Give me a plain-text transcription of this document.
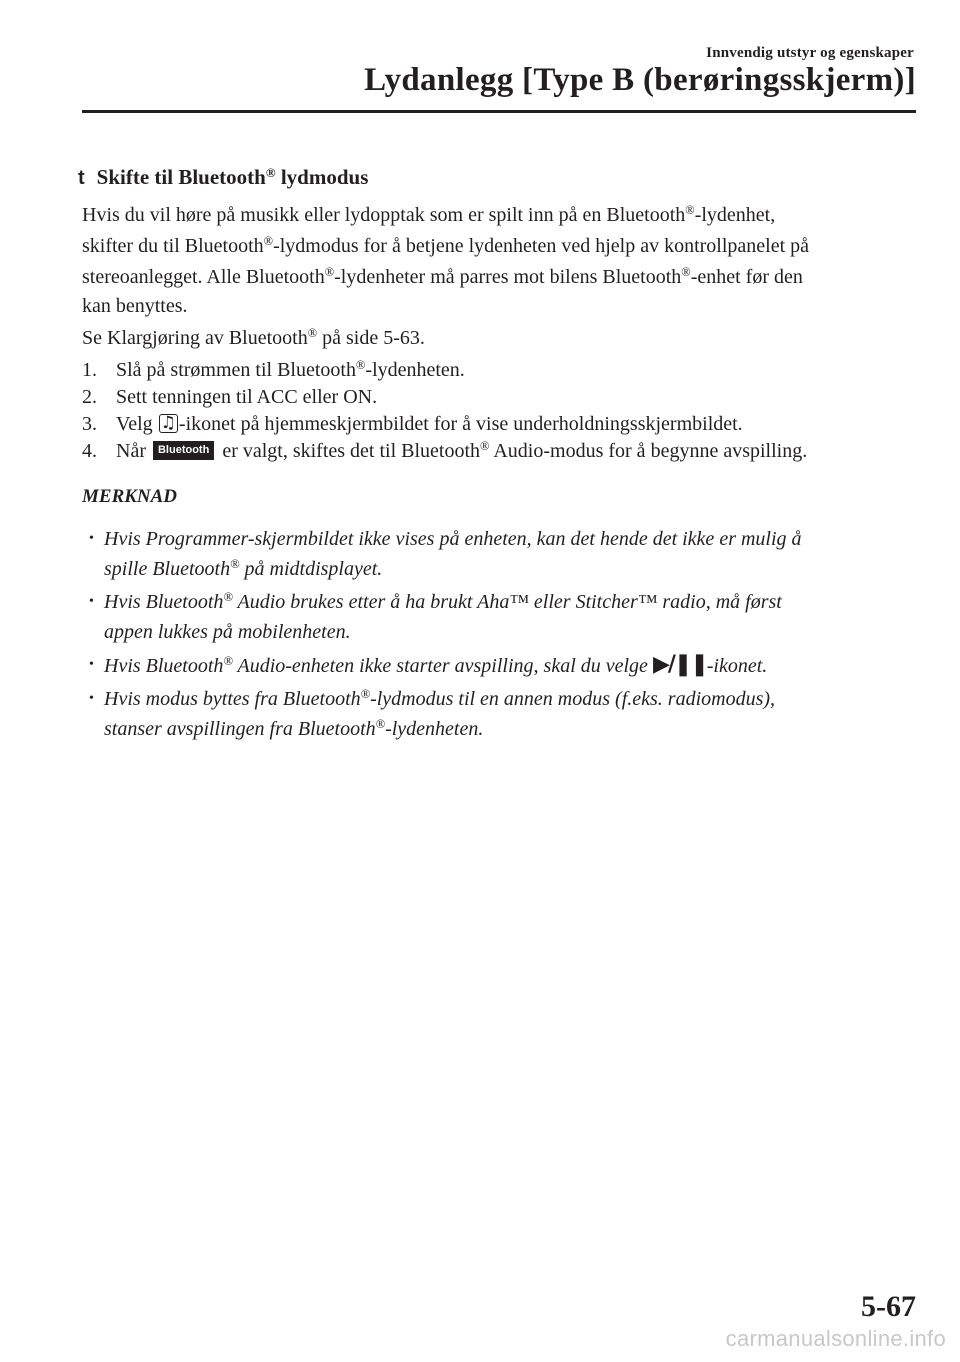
Innvendig utstyr og egenskaper
Lydanlegg [Type B (berøringsskjerm)]
t Skifte til Bluetooth® lydmodus

Hvis du vil høre på musikk eller lydopptak som er spilt inn på en Bluetooth®-lydenhet,
skifter du til Bluetooth®-lydmodus for å betjene lydenheten ved hjelp av kontrollpanelet på
stereoanlegget. Alle Bluetooth®-lydenheter må parres mot bilens Bluetooth®-enhet før den
kan benyttes.

Se Klargjøring av Bluetooth® på side 5-63.

1. Slå på strømmen til Bluetooth®-lydenheten.
2. Sett tenningen til ACC eller ON.
3. Velg ♫ -ikonet på hjemmeskjermbildet for å vise underholdningsskjermbildet.
4. Når Bluetooth er valgt, skiftes det til Bluetooth® Audio-modus for å begynne avspilling.
MERKNAD
• Hvis Programmer-skjermbildet ikke vises på enheten, kan det hende det ikke er mulig å
spille Bluetooth® på midtdisplayet.
• Hvis Bluetooth® Audio brukes etter å ha brukt Aha™ eller Stitcher™ radio, må først
appen lukkes på mobilenheten.
• Hvis Bluetooth® Audio-enheten ikke starter avspilling, skal du velge ▶/❚❚-ikonet.
• Hvis modus byttes fra Bluetooth®-lydmodus til en annen modus (f.eks. radiomodus),
stanser avspillingen fra Bluetooth®-lydenheten.
5-67
carmanualsonline.info
